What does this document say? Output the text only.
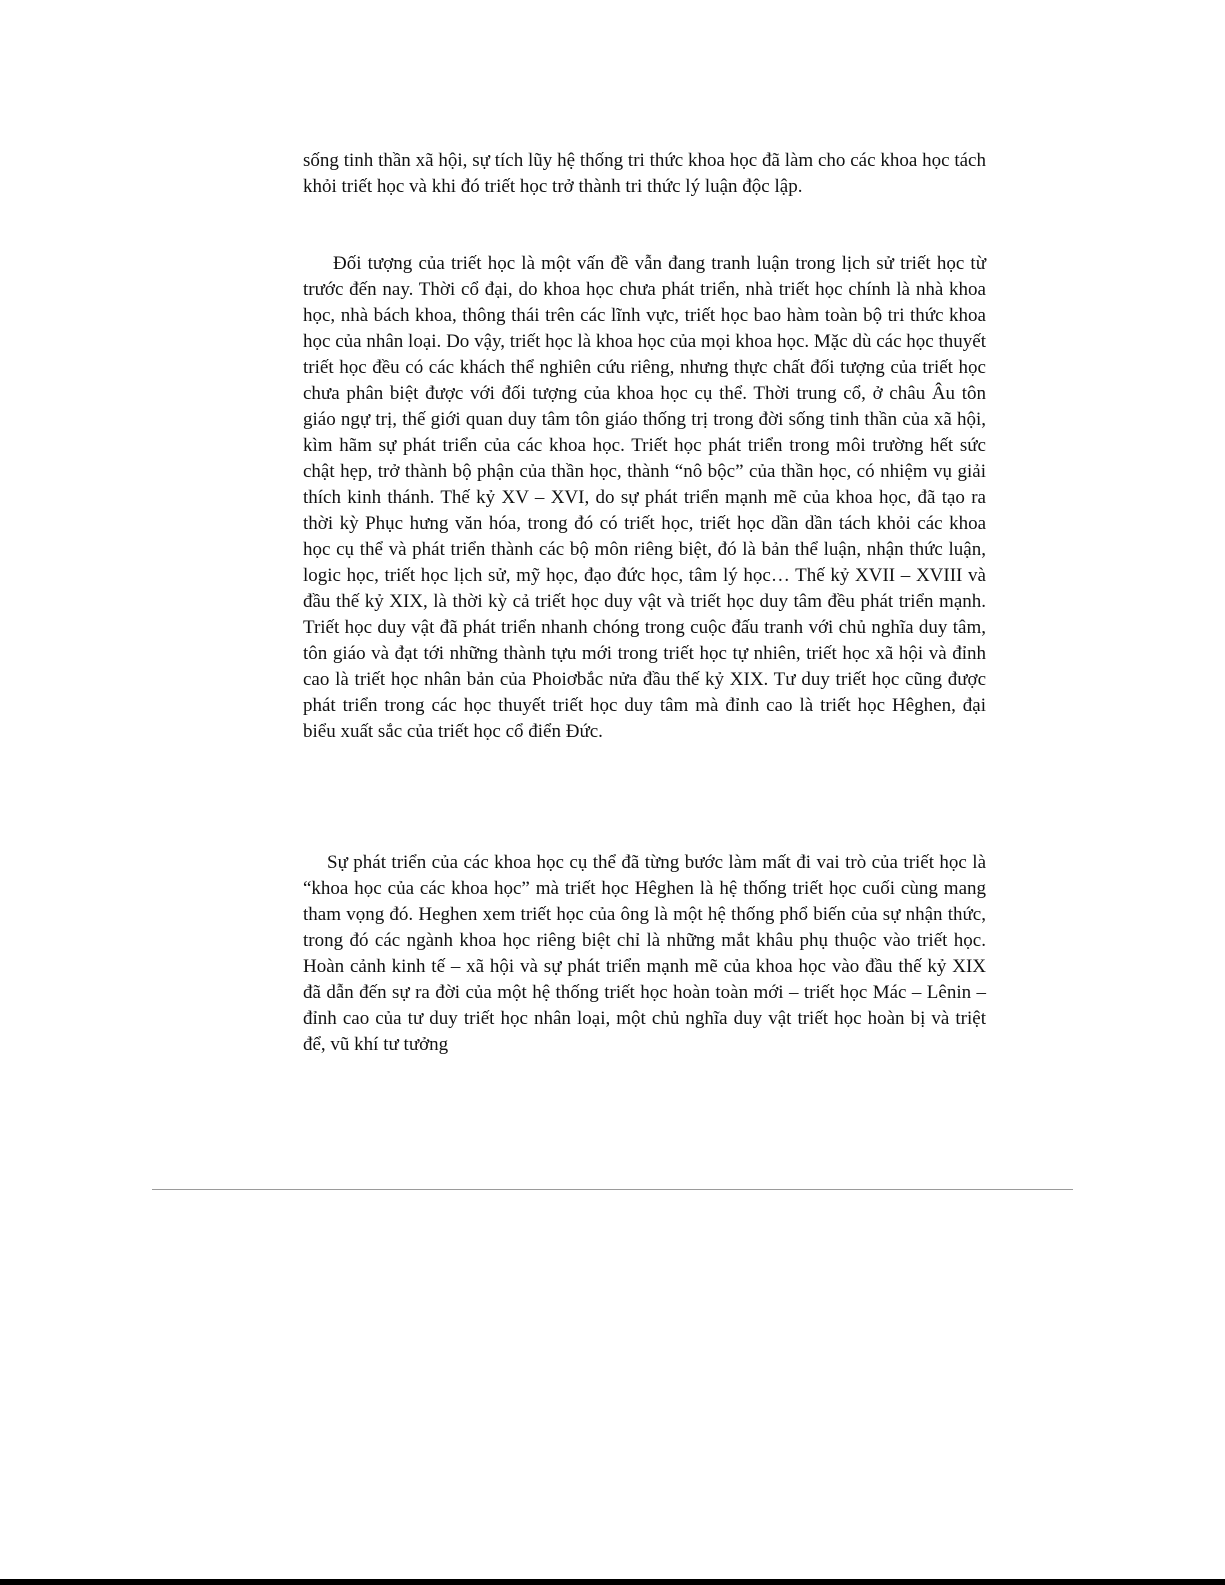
sống tinh thần xã hội, sự tích lũy hệ thống tri thức khoa học đã làm cho các khoa học tách khỏi triết học và khi đó triết học trở thành tri thức lý luận độc lập.

Đối tượng của triết học là một vấn đề vẫn đang tranh luận trong lịch sử triết học từ trước đến nay. Thời cổ đại, do khoa học chưa phát triển, nhà triết học chính là nhà khoa học, nhà bách khoa, thông thái trên các lĩnh vực, triết học bao hàm toàn bộ tri thức khoa học của nhân loại. Do vậy, triết học là khoa học của mọi khoa học. Mặc dù các học thuyết triết học đều có các khách thể nghiên cứu riêng, nhưng thực chất đối tượng của triết học chưa phân biệt được với đối tượng của khoa học cụ thể. Thời trung cổ, ở châu Âu tôn giáo ngự trị, thế giới quan duy tâm tôn giáo thống trị trong đời sống tinh thần của xã hội, kìm hãm sự phát triển của các khoa học. Triết học phát triển trong môi trường hết sức chật hẹp, trở thành bộ phận của thần học, thành “nô bộc” của thần học, có nhiệm vụ giải thích kinh thánh. Thế kỷ XV – XVI, do sự phát triển mạnh mẽ của khoa học, đã tạo ra thời kỳ Phục hưng văn hóa, trong đó có triết học, triết học dần dần tách khỏi các khoa học cụ thể và phát triển thành các bộ môn riêng biệt, đó là bản thể luận, nhận thức luận, logic học, triết học lịch sử, mỹ học, đạo đức học, tâm lý học… Thế kỷ XVII – XVIII và đầu thế kỷ XIX, là thời kỳ cả triết học duy vật và triết học duy tâm đều phát triển mạnh. Triết học duy vật đã phát triển nhanh chóng trong cuộc đấu tranh với chủ nghĩa duy tâm, tôn giáo và đạt tới những thành tựu mới trong triết học tự nhiên, triết học xã hội và đỉnh cao là triết học nhân bản của Phoiơbắc nửa đầu thế kỷ XIX. Tư duy triết học cũng được phát triển trong các học thuyết triết học duy tâm mà đỉnh cao là triết học Hêghen, đại biểu xuất sắc của triết học cổ điển Đức.

Sự phát triển của các khoa học cụ thể đã từng bước làm mất đi vai trò của triết học là “khoa học của các khoa học” mà triết học Hêghen là hệ thống triết học cuối cùng mang tham vọng đó. Heghen xem triết học của ông là một hệ thống phổ biến của sự nhận thức, trong đó các ngành khoa học riêng biệt chỉ là những mắt khâu phụ thuộc vào triết học. Hoàn cảnh kinh tế – xã hội và sự phát triển mạnh mẽ của khoa học vào đầu thế kỷ XIX đã dẫn đến sự ra đời của một hệ thống triết học hoàn toàn mới – triết học Mác – Lênin – đỉnh cao của tư duy triết học nhân loại, một chủ nghĩa duy vật triết học hoàn bị và triệt để, vũ khí tư tưởng
